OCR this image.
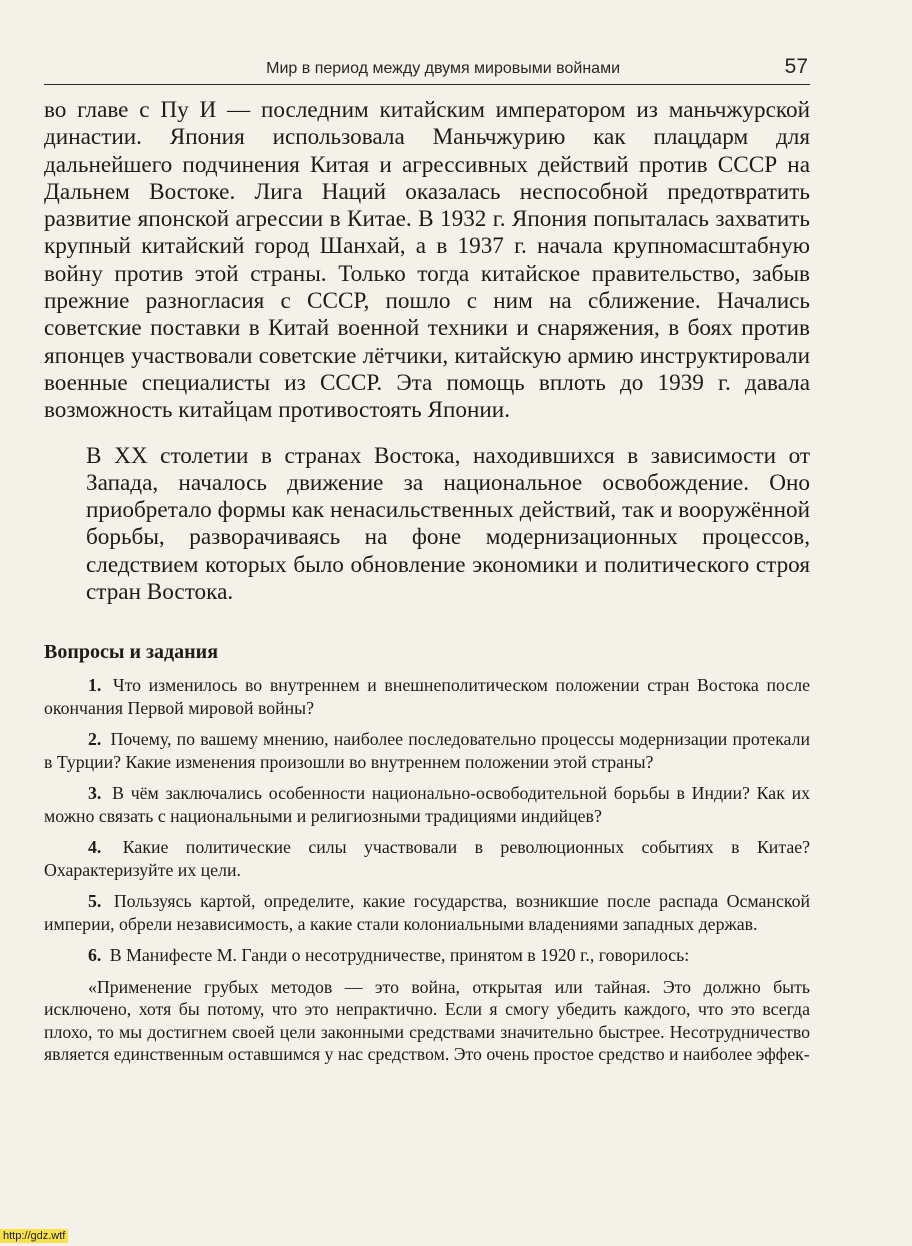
Мир в период между двумя мировыми войнами	57

во главе с Пу И — последним китайским императором из маньчжурской династии. Япония использовала Маньчжурию как плацдарм для дальнейшего подчинения Китая и агрессивных действий против СССР на Дальнем Востоке. Лига Наций оказалась неспособной предотвратить развитие японской агрессии в Китае. В 1932 г. Япония попыталась захватить крупный китайский город Шанхай, а в 1937 г. начала крупномасштабную войну против этой страны. Только тогда китайское правительство, забыв прежние разногласия с СССР, пошло с ним на сближение. Начались советские поставки в Китай военной техники и снаряжения, в боях против японцев участвовали советские лётчики, китайскую армию инструктировали военные специалисты из СССР. Эта помощь вплоть до 1939 г. давала возможность китайцам противостоять Японии.

В XX столетии в странах Востока, находившихся в зависимости от Запада, началось движение за национальное освобождение. Оно приобретало формы как ненасильственных действий, так и вооружённой борьбы, разворачиваясь на фоне модернизационных процессов, следствием которых было обновление экономики и политического строя стран Востока.

Вопросы и задания

1. Что изменилось во внутреннем и внешнеполитическом положении стран Востока после окончания Первой мировой войны?

2. Почему, по вашему мнению, наиболее последовательно процессы модернизации протекали в Турции? Какие изменения произошли во внутреннем положении этой страны?

3. В чём заключались особенности национально-освободительной борьбы в Индии? Как их можно связать с национальными и религиозными традициями индийцев?

4. Какие политические силы участвовали в революционных событиях в Китае? Охарактеризуйте их цели.

5. Пользуясь картой, определите, какие государства, возникшие после распада Османской империи, обрели независимость, а какие стали колониальными владениями западных держав.

6. В Манифесте М. Ганди о несотрудничестве, принятом в 1920 г., говорилось:

«Применение грубых методов — это война, открытая или тайная. Это должно быть исключено, хотя бы потому, что это непрактично. Если я смогу убедить каждого, что это всегда плохо, то мы достигнем своей цели законными средствами значительно быстрее. Несотрудничество является единственным оставшимся у нас средством. Это очень простое средство и наиболее эффек-

http://gdz.wtf
